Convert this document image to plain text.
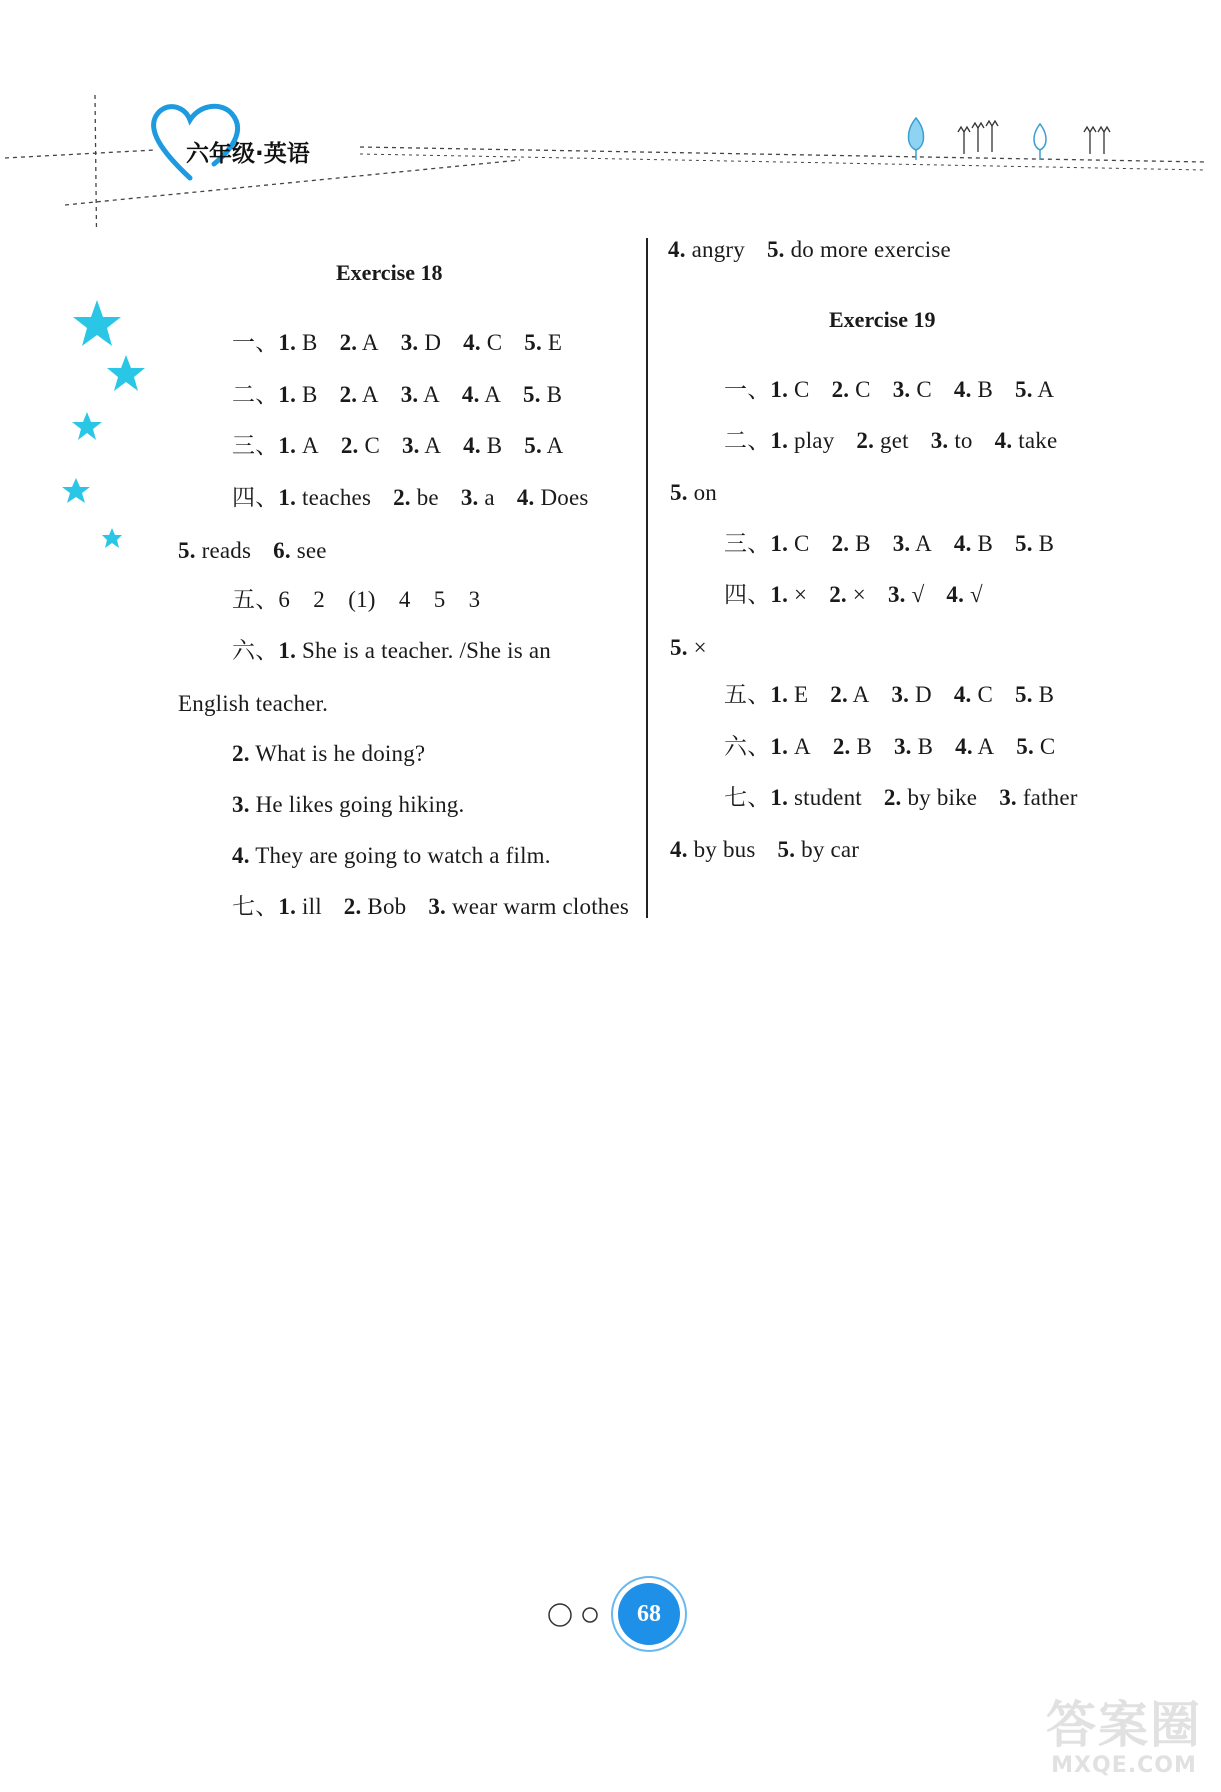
六年级·英语
Exercise 18
一、1. B 2. A 3. D 4. C 5. E
二、1. B 2. A 3. A 4. A 5. B
三、1. A 2. C 3. A 4. B 5. A
四、1. teaches 2. be 3. a 4. Does
5. reads 6. see
五、6　2　(1)　4　5　3
六、1. She is a teacher. /She is an
English teacher.
2. What is he doing?
3. He likes going hiking.
4. They are going to watch a film.
七、1. ill 2. Bob 3. wear warm clothes
Exercise 19
4. angry 5. do more exercise
一、1. C 2. C 3. C 4. B 5. A
二、1. play 2. get 3. to 4. take
5. on
三、1. C 2. B 3. A 4. B 5. B
四、1. × 2. × 3. √ 4. √
5. ×
五、1. E 2. A 3. D 4. C 5. B
六、1. A 2. B 3. B 4. A 5. C
七、1. student 2. by bike 3. father
4. by bus 5. by car
68
答案圈
MXQE.COM
